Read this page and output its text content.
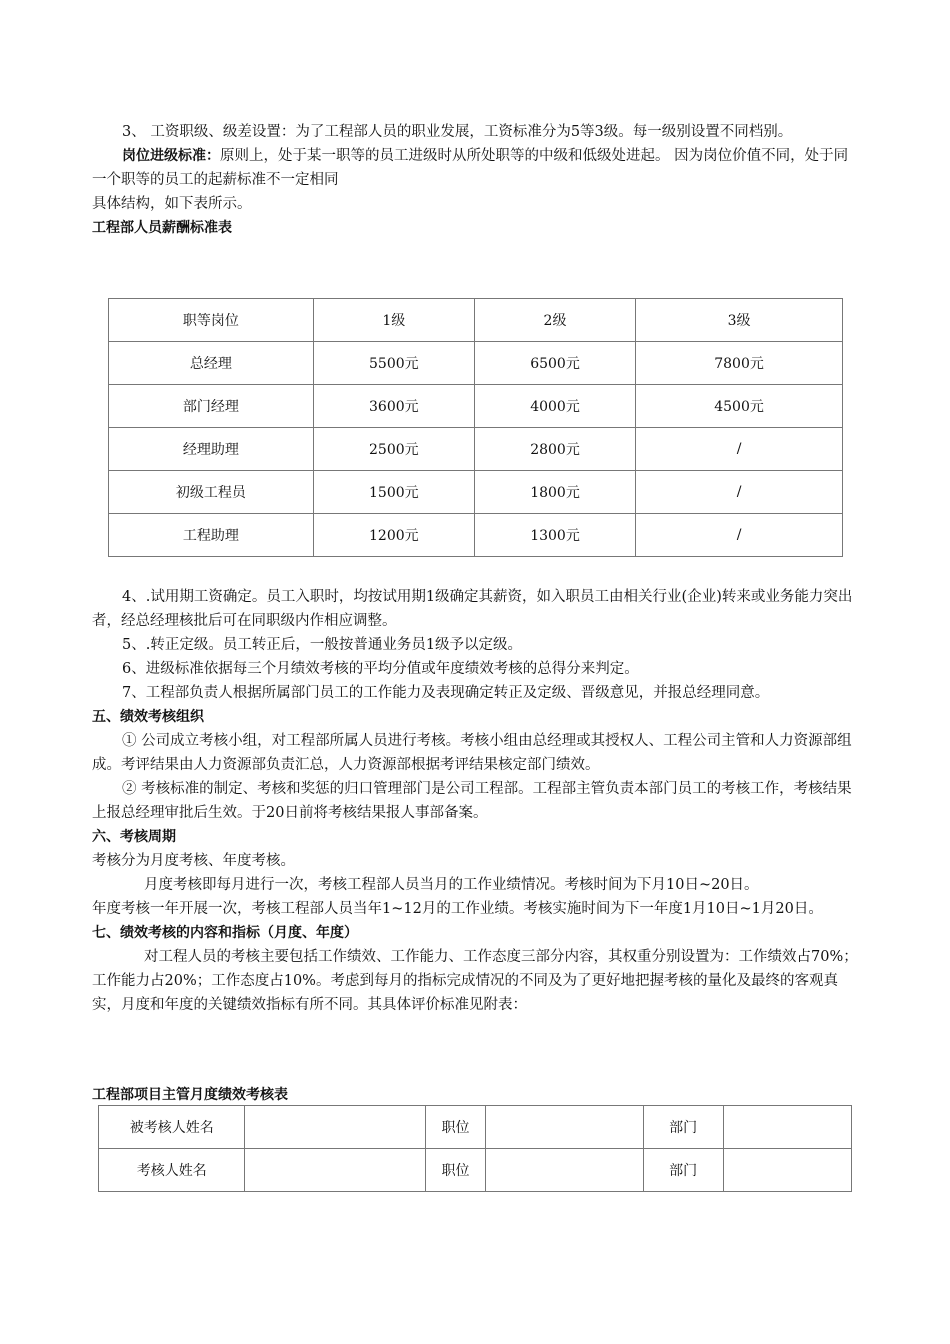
3、 工资职级、级差设置：为了工程部人员的职业发展，工资标准分为5等3级。每一级别设置不同档别。

岗位进级标准：原则上，处于某一职等的员工进级时从所处职等的中级和低级处进起。 因为岗位价值不同，处于同一个职等的员工的起薪标准不一定相同

具体结构，如下表所示。

工程部人员薪酬标准表

职等岗位	1级	2级	3级
总经理	5500元	6500元	7800元
部门经理	3600元	4000元	4500元
经理助理	2500元	2800元	/
初级工程员	1500元	1800元	/
工程助理	1200元	1300元	/

4、.试用期工资确定。员工入职时，均按试用期1级确定其薪资，如入职员工由相关行业(企业)转来或业务能力突出者，经总经理核批后可在同职级内作相应调整。

5、.转正定级。员工转正后，一般按普通业务员1级予以定级。

6、进级标准依据每三个月绩效考核的平均分值或年度绩效考核的总得分来判定。

7、工程部负责人根据所属部门员工的工作能力及表现确定转正及定级、晋级意见，并报总经理同意。

五、绩效考核组织

① 公司成立考核小组，对工程部所属人员进行考核。考核小组由总经理或其授权人、工程公司主管和人力资源部组成。考评结果由人力资源部负责汇总，人力资源部根据考评结果核定部门绩效。

② 考核标准的制定、考核和奖惩的归口管理部门是公司工程部。工程部主管负责本部门员工的考核工作，考核结果上报总经理审批后生效。于20日前将考核结果报人事部备案。

六、考核周期

考核分为月度考核、年度考核。

月度考核即每月进行一次，考核工程部人员当月的工作业绩情况。考核时间为下月10日~20日。

年度考核一年开展一次，考核工程部人员当年1~12月的工作业绩。考核实施时间为下一年度1月10日~1月20日。

七、绩效考核的内容和指标（月度、年度）

对工程人员的考核主要包括工作绩效、工作能力、工作态度三部分内容，其权重分别设置为：工作绩效占70%；工作能力占20%；工作态度占10%。考虑到每月的指标完成情况的不同及为了更好地把握考核的量化及最终的客观真实，月度和年度的关键绩效指标有所不同。其具体评价标准见附表：

工程部项目主管月度绩效考核表

被考核人姓名		职位		部门	
考核人姓名		职位		部门	
